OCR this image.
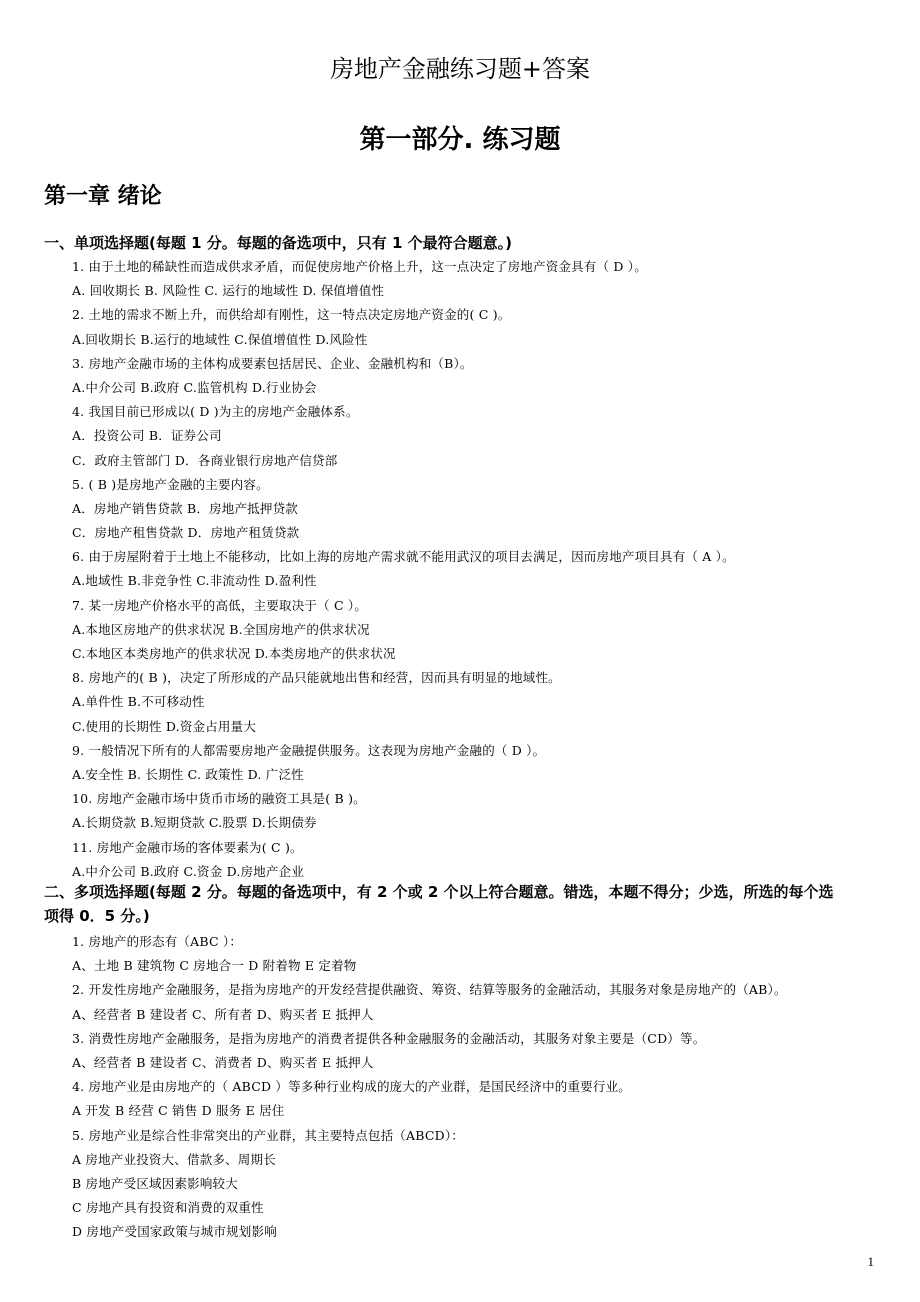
房地产金融练习题+答案
第一部分. 练习题
第一章 绪论
一、单项选择题(每题 1 分。每题的备选项中，只有 1 个最符合题意。)
1. 由于土地的稀缺性而造成供求矛盾，而促使房地产价格上升，这一点决定了房地产资金具有（ D ）。
A. 回收期长 B. 风险性 C. 运行的地域性 D. 保值增值性
2. 土地的需求不断上升，而供给却有刚性，这一特点决定房地产资金的( C )。
A.回收期长 B.运行的地域性 C.保值增值性 D.风险性
3. 房地产金融市场的主体构成要素包括居民、企业、金融机构和（B）。
A.中介公司 B.政府 C.监管机构 D.行业协会
4. 我国目前已形成以( D )为主的房地产金融体系。
A．投资公司 B．证券公司
C．政府主管部门 D．各商业银行房地产信贷部
5. ( B )是房地产金融的主要内容。
A．房地产销售贷款 B．房地产抵押贷款
C．房地产租售贷款 D．房地产租赁贷款
6. 由于房屋附着于土地上不能移动，比如上海的房地产需求就不能用武汉的项目去满足，因而房地产项目具有（ A ）。
A.地域性 B.非竞争性 C.非流动性 D.盈利性
7. 某一房地产价格水平的高低，主要取决于（ C ）。
A.本地区房地产的供求状况 B.全国房地产的供求状况
C.本地区本类房地产的供求状况 D.本类房地产的供求状况
8. 房地产的( B )，决定了所形成的产品只能就地出售和经营，因而具有明显的地域性。
A.单件性 B.不可移动性
C.使用的长期性 D.资金占用量大
9. 一般情况下所有的人都需要房地产金融提供服务。这表现为房地产金融的（ D ）。
A.安全性 B. 长期性 C. 政策性 D. 广泛性
10. 房地产金融市场中货币市场的融资工具是( B )。
A.长期贷款 B.短期贷款 C.股票 D.长期债券
11. 房地产金融市场的客体要素为( C )。
A.中介公司 B.政府 C.资金 D.房地产企业
二、多项选择题(每题 2 分。每题的备选项中，有 2 个或 2 个以上符合题意。错选，本题不得分；少选，所选的每个选
项得 0．5 分。)
1. 房地产的形态有（ABC ）：
A、土地 B 建筑物 C 房地合一 D 附着物 E 定着物
2. 开发性房地产金融服务，是指为房地产的开发经营提供融资、筹资、结算等服务的金融活动，其服务对象是房地产的（AB）。
A、经营者 B 建设者 C、所有者 D、购买者 E 抵押人
3. 消费性房地产金融服务，是指为房地产的消费者提供各种金融服务的金融活动，其服务对象主要是（CD）等。
A、经营者 B 建设者 C、消费者 D、购买者 E 抵押人
4. 房地产业是由房地产的（ ABCD ）等多种行业构成的庞大的产业群，是国民经济中的重要行业。
A 开发 B 经营 C 销售 D 服务 E 居住
5. 房地产业是综合性非常突出的产业群，其主要特点包括（ABCD）：
A 房地产业投资大、借款多、周期长
B 房地产受区域因素影响较大
C 房地产具有投资和消费的双重性
D 房地产受国家政策与城市规划影响
1
